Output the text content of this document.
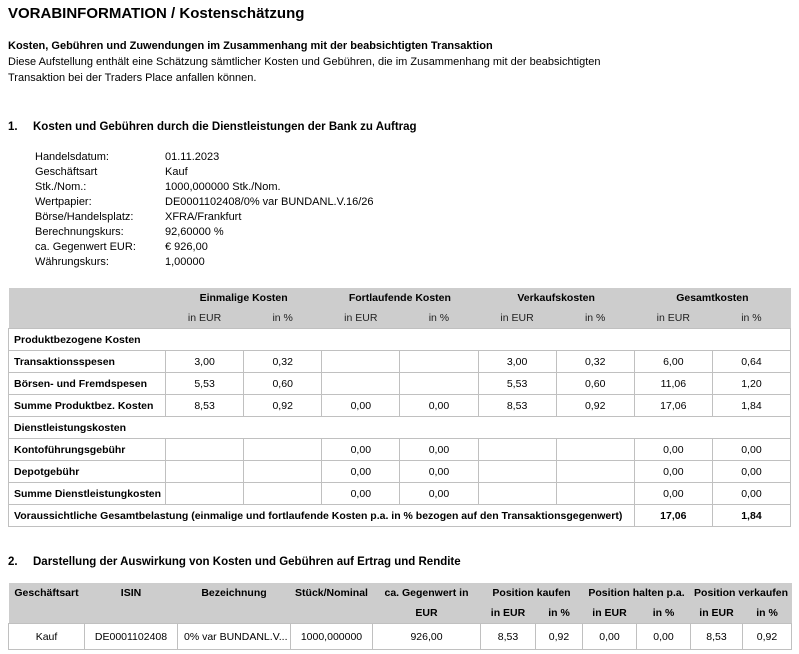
VORABINFORMATION / Kostenschätzung
Kosten, Gebühren und Zuwendungen im Zusammenhang mit der beabsichtigten Transaktion
Diese Aufstellung enthält eine Schätzung sämtlicher Kosten und Gebühren, die im Zusammenhang mit der beabsichtigten
Transaktion bei der Traders Place anfallen können.
1. Kosten und Gebühren durch die Dienstleistungen der Bank zu Auftrag
Handelsdatum:	01.11.2023
Geschäftsart	Kauf
Stk./Nom.:	1000,000000 Stk./Nom.
Wertpapier:	DE0001102408/0% var BUNDANL.V.16/26
Börse/Handelsplatz:	XFRA/Frankfurt
Berechnungskurs:	92,60000 %
ca. Gegenwert EUR:	€ 926,00
Währungskurs:	1,00000
	Einmalige Kosten		Fortlaufende Kosten		Verkaufskosten		Gesamtkosten	
	in EUR	in %	in EUR	in %	in EUR	in %	in EUR	in %
Produktbezogene Kosten								
Transaktionsspesen	3,00	0,32			3,00	0,32	6,00	0,64
Börsen- und Fremdspesen	5,53	0,60			5,53	0,60	11,06	1,20
Summe Produktbez. Kosten	8,53	0,92	0,00	0,00	8,53	0,92	17,06	1,84
Dienstleistungskosten								
Kontoführungsgebühr			0,00	0,00			0,00	0,00
Depotgebühr			0,00	0,00			0,00	0,00
Summe Dienstleistungkosten			0,00	0,00			0,00	0,00
Voraussichtliche Gesamtbelastung (einmalige und fortlaufende Kosten p.a. in % bezogen auf den Transaktionsgegenwert)							17,06	1,84
2. Darstellung der Auswirkung von Kosten und Gebühren auf Ertrag und Rendite
Geschäftsart	ISIN	Bezeichnung	Stück/Nominal	ca. Gegenwert in	Position kaufen		Position halten p.a.		Position verkaufen	
				EUR	in EUR	in %	in EUR	in %	in EUR	in %
Kauf	DE0001102408	0% var BUNDANL.V...	1000,000000	926,00	8,53	0,92	0,00	0,00	8,53	0,92
